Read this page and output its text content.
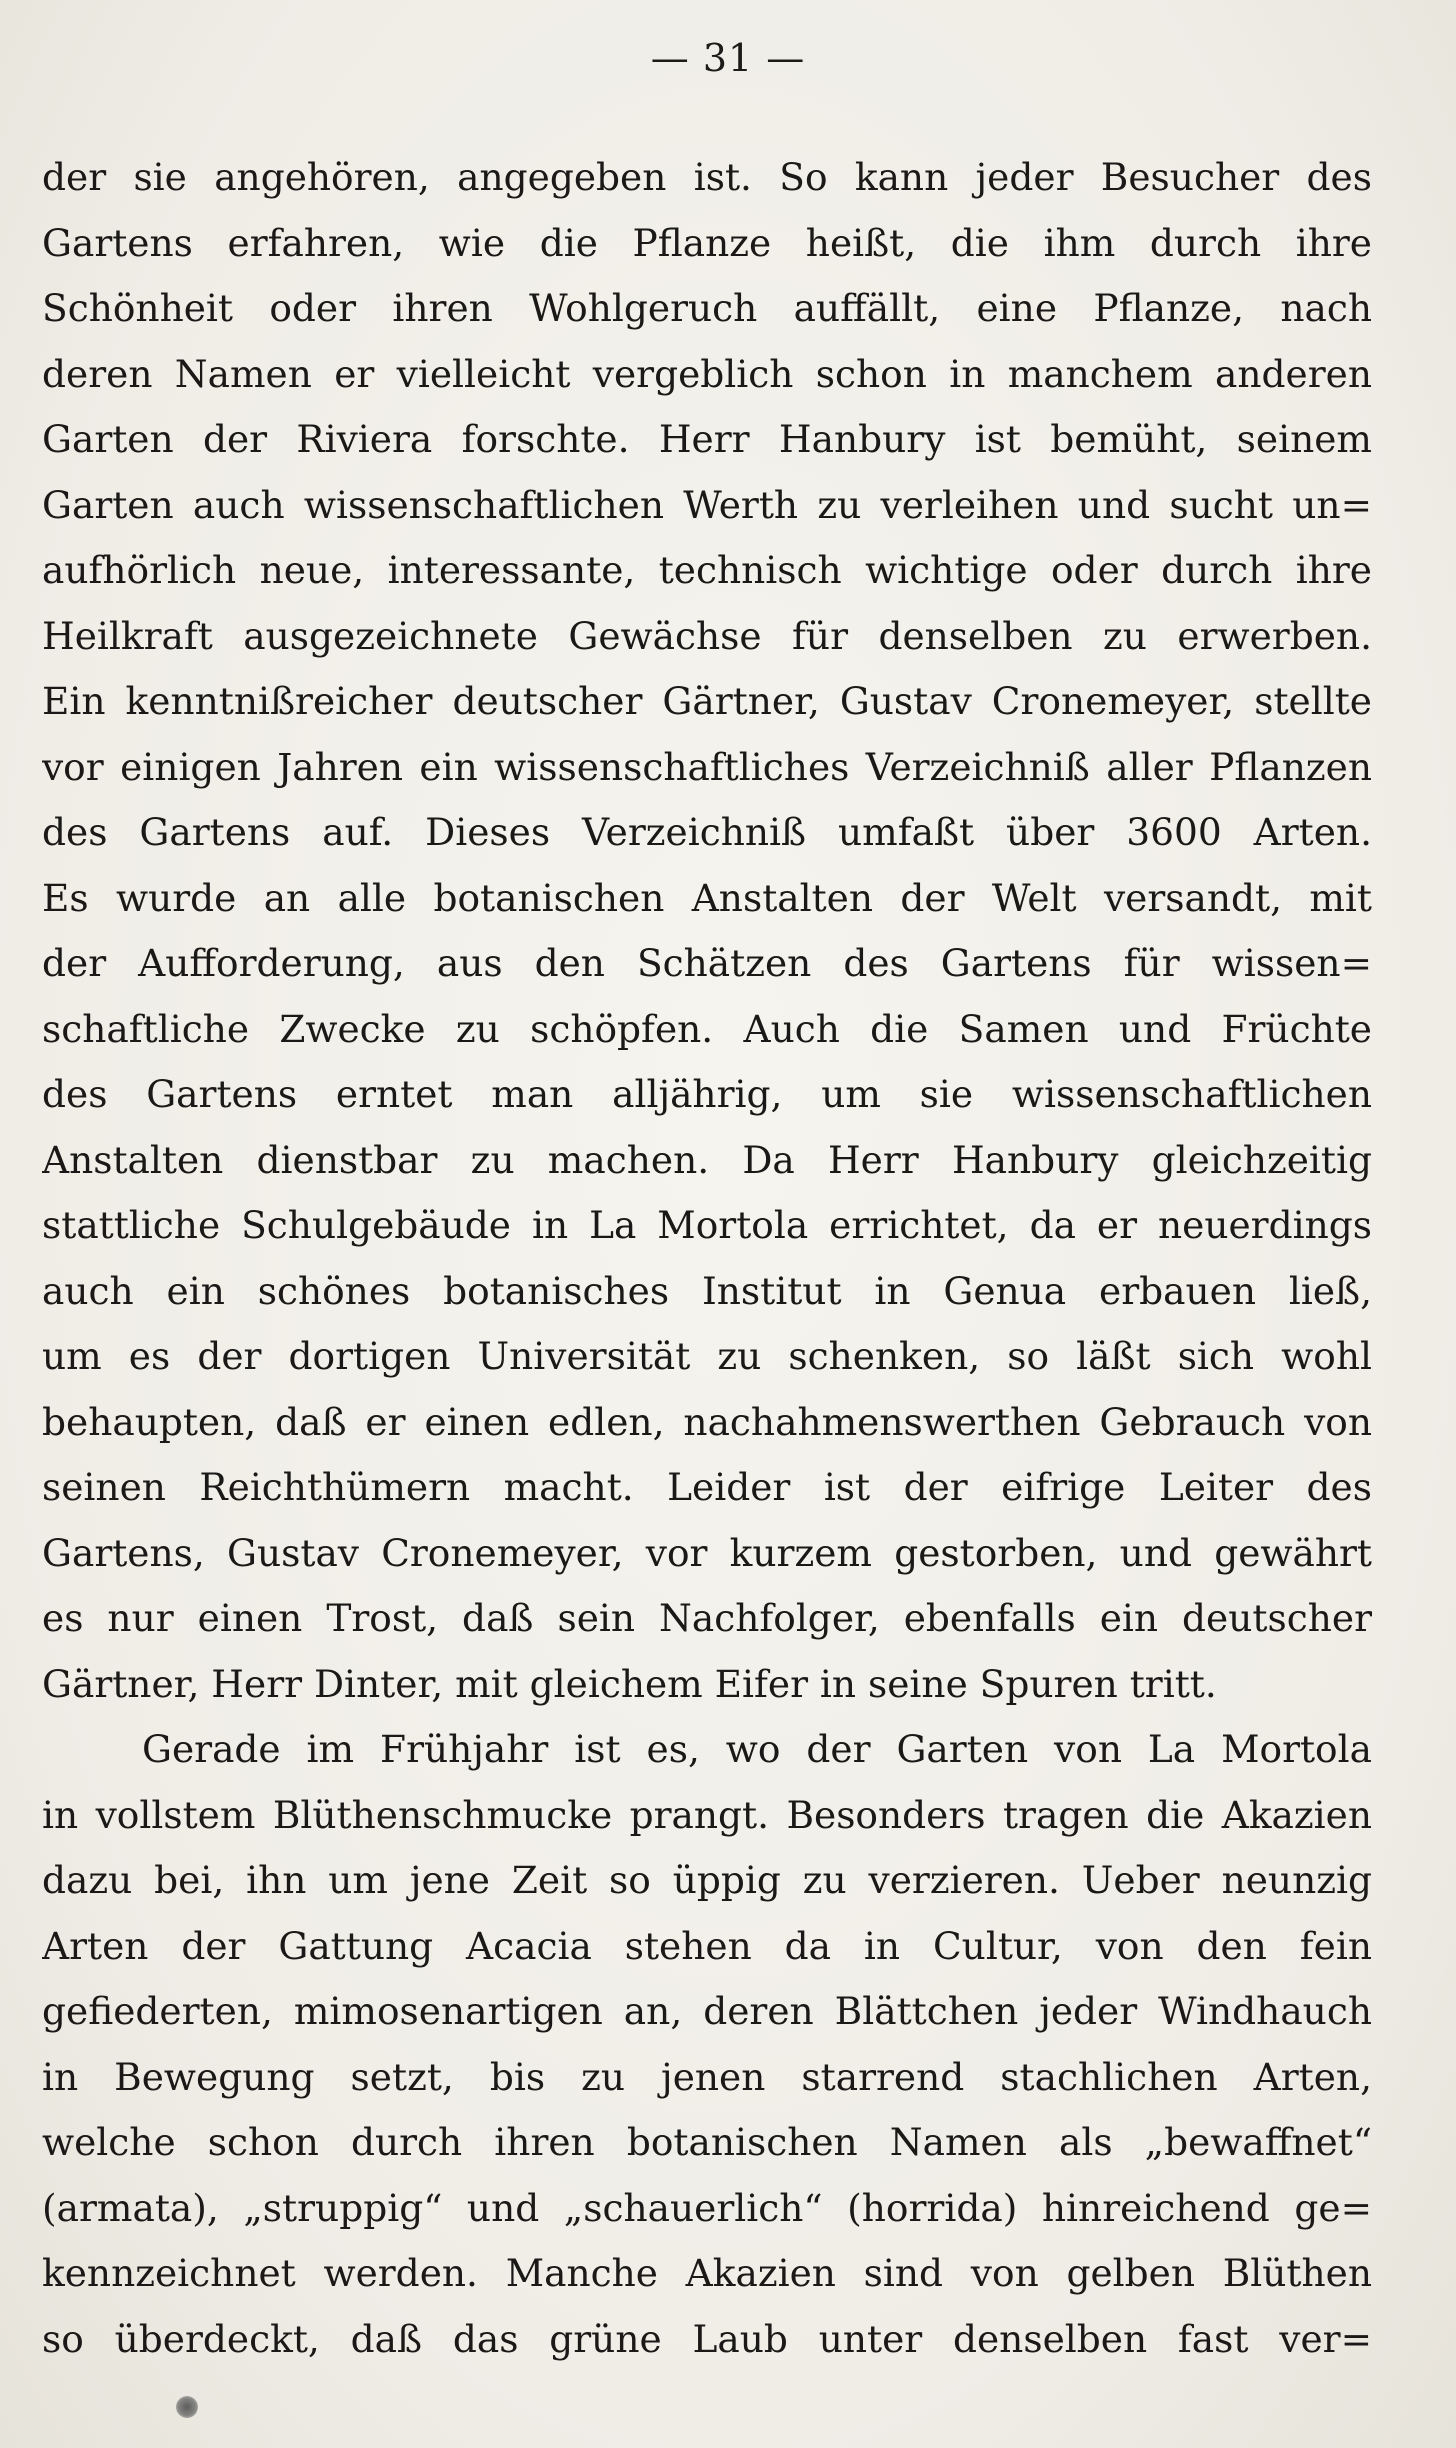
— 31 —
der sie angehören, angegeben ist. So kann jeder Besucher des
Gartens erfahren, wie die Pflanze heißt, die ihm durch ihre
Schönheit oder ihren Wohlgeruch auffällt, eine Pflanze, nach
deren Namen er vielleicht vergeblich schon in manchem anderen
Garten der Riviera forschte. Herr Hanbury ist bemüht, seinem
Garten auch wissenschaftlichen Werth zu verleihen und sucht un=
aufhörlich neue, interessante, technisch wichtige oder durch ihre
Heilkraft ausgezeichnete Gewächse für denselben zu erwerben.
Ein kenntnißreicher deutscher Gärtner, Gustav Cronemeyer, stellte
vor einigen Jahren ein wissenschaftliches Verzeichniß aller Pflanzen
des Gartens auf. Dieses Verzeichniß umfaßt über 3600 Arten.
Es wurde an alle botanischen Anstalten der Welt versandt, mit
der Aufforderung, aus den Schätzen des Gartens für wissen=
schaftliche Zwecke zu schöpfen. Auch die Samen und Früchte
des Gartens erntet man alljährig, um sie wissenschaftlichen
Anstalten dienstbar zu machen. Da Herr Hanbury gleichzeitig
stattliche Schulgebäude in La Mortola errichtet, da er neuerdings
auch ein schönes botanisches Institut in Genua erbauen ließ,
um es der dortigen Universität zu schenken, so läßt sich wohl
behaupten, daß er einen edlen, nachahmenswerthen Gebrauch von
seinen Reichthümern macht. Leider ist der eifrige Leiter des
Gartens, Gustav Cronemeyer, vor kurzem gestorben, und gewährt
es nur einen Trost, daß sein Nachfolger, ebenfalls ein deutscher
Gärtner, Herr Dinter, mit gleichem Eifer in seine Spuren tritt.
Gerade im Frühjahr ist es, wo der Garten von La Mortola
in vollstem Blüthenschmucke prangt. Besonders tragen die Akazien
dazu bei, ihn um jene Zeit so üppig zu verzieren. Ueber neunzig
Arten der Gattung Acacia stehen da in Cultur, von den fein
gefiederten, mimosenartigen an, deren Blättchen jeder Windhauch
in Bewegung setzt, bis zu jenen starrend stachlichen Arten,
welche schon durch ihren botanischen Namen als „bewaffnet“
(armata), „struppig“ und „schauerlich“ (horrida) hinreichend ge=
kennzeichnet werden. Manche Akazien sind von gelben Blüthen
so überdeckt, daß das grüne Laub unter denselben fast ver=
